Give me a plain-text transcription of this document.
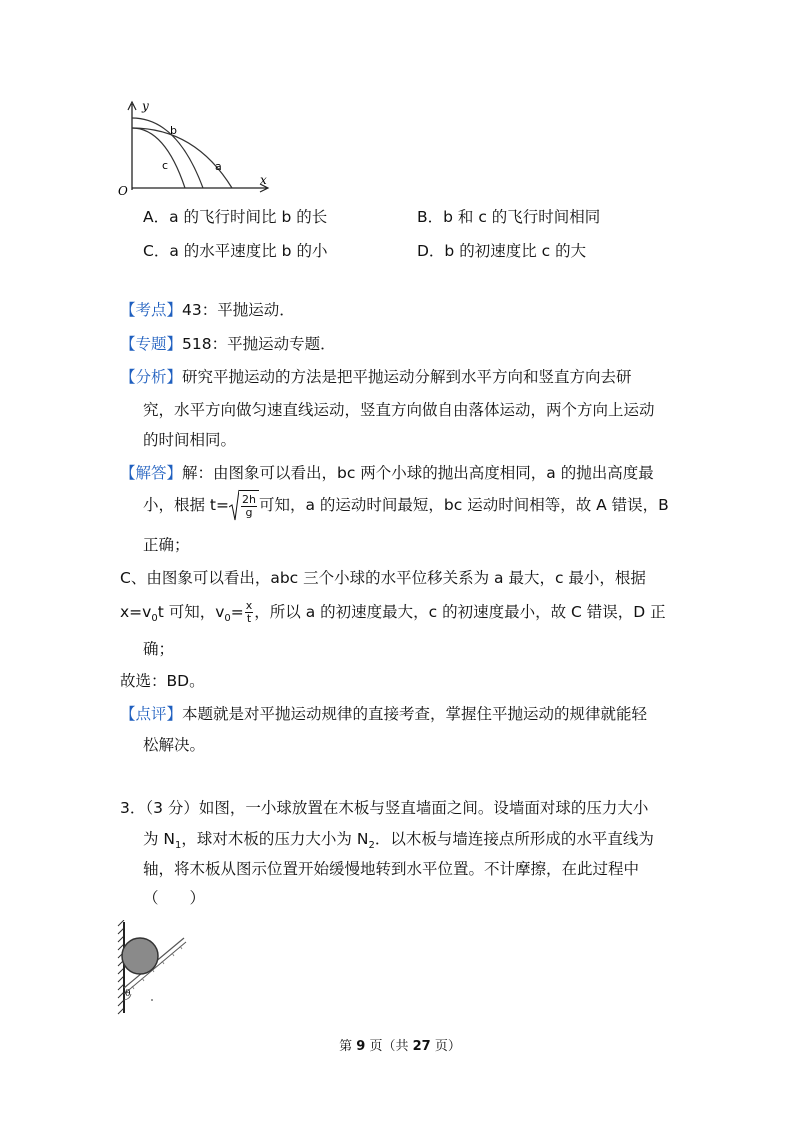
y
x
O
b
c	a
A．a 的飞行时间比 b 的长	B．b 和 c 的飞行时间相同
C．a 的水平速度比 b 的小	D．b 的初速度比 c 的大
【考点】43：平抛运动．
【专题】518：平抛运动专题．
【分析】研究平抛运动的方法是把平抛运动分解到水平方向和竖直方向去研
究，水平方向做匀速直线运动，竖直方向做自由落体运动，两个方向上运动
的时间相同。
【解答】解：由图象可以看出，bc 两个小球的抛出高度相同，a 的抛出高度最
小，根据 $t= \frac{2h}{g}$ 可知，a 的运动时间最短，bc 运动时间相等，故 A 错误，B
正确；
C、由图象可以看出，abc 三个小球的水平位移关系为 a 最大，c 最小，根据
$x=v_0t$ 可知，$v_0= \frac{x}{t}$ ，所以 a 的初速度最大，c 的初速度最小，故 C 错误，D 正
确；
故选：BD。
【点评】本题就是对平抛运动规律的直接考查，掌握住平抛运动的规律就能轻
松解决。
3．（3 分）如图，一小球放置在木板与竖直墙面之间。设墙面对球的压力大小
为 $N_1$，球对木板的压力大小为 $N_2$．以木板与墙连接点所形成的水平直线为
轴，将木板从图示位置开始缓慢地转到水平位置。不计摩擦，在此过程中
（　　）
θ
第 9 页（共 27 页）
